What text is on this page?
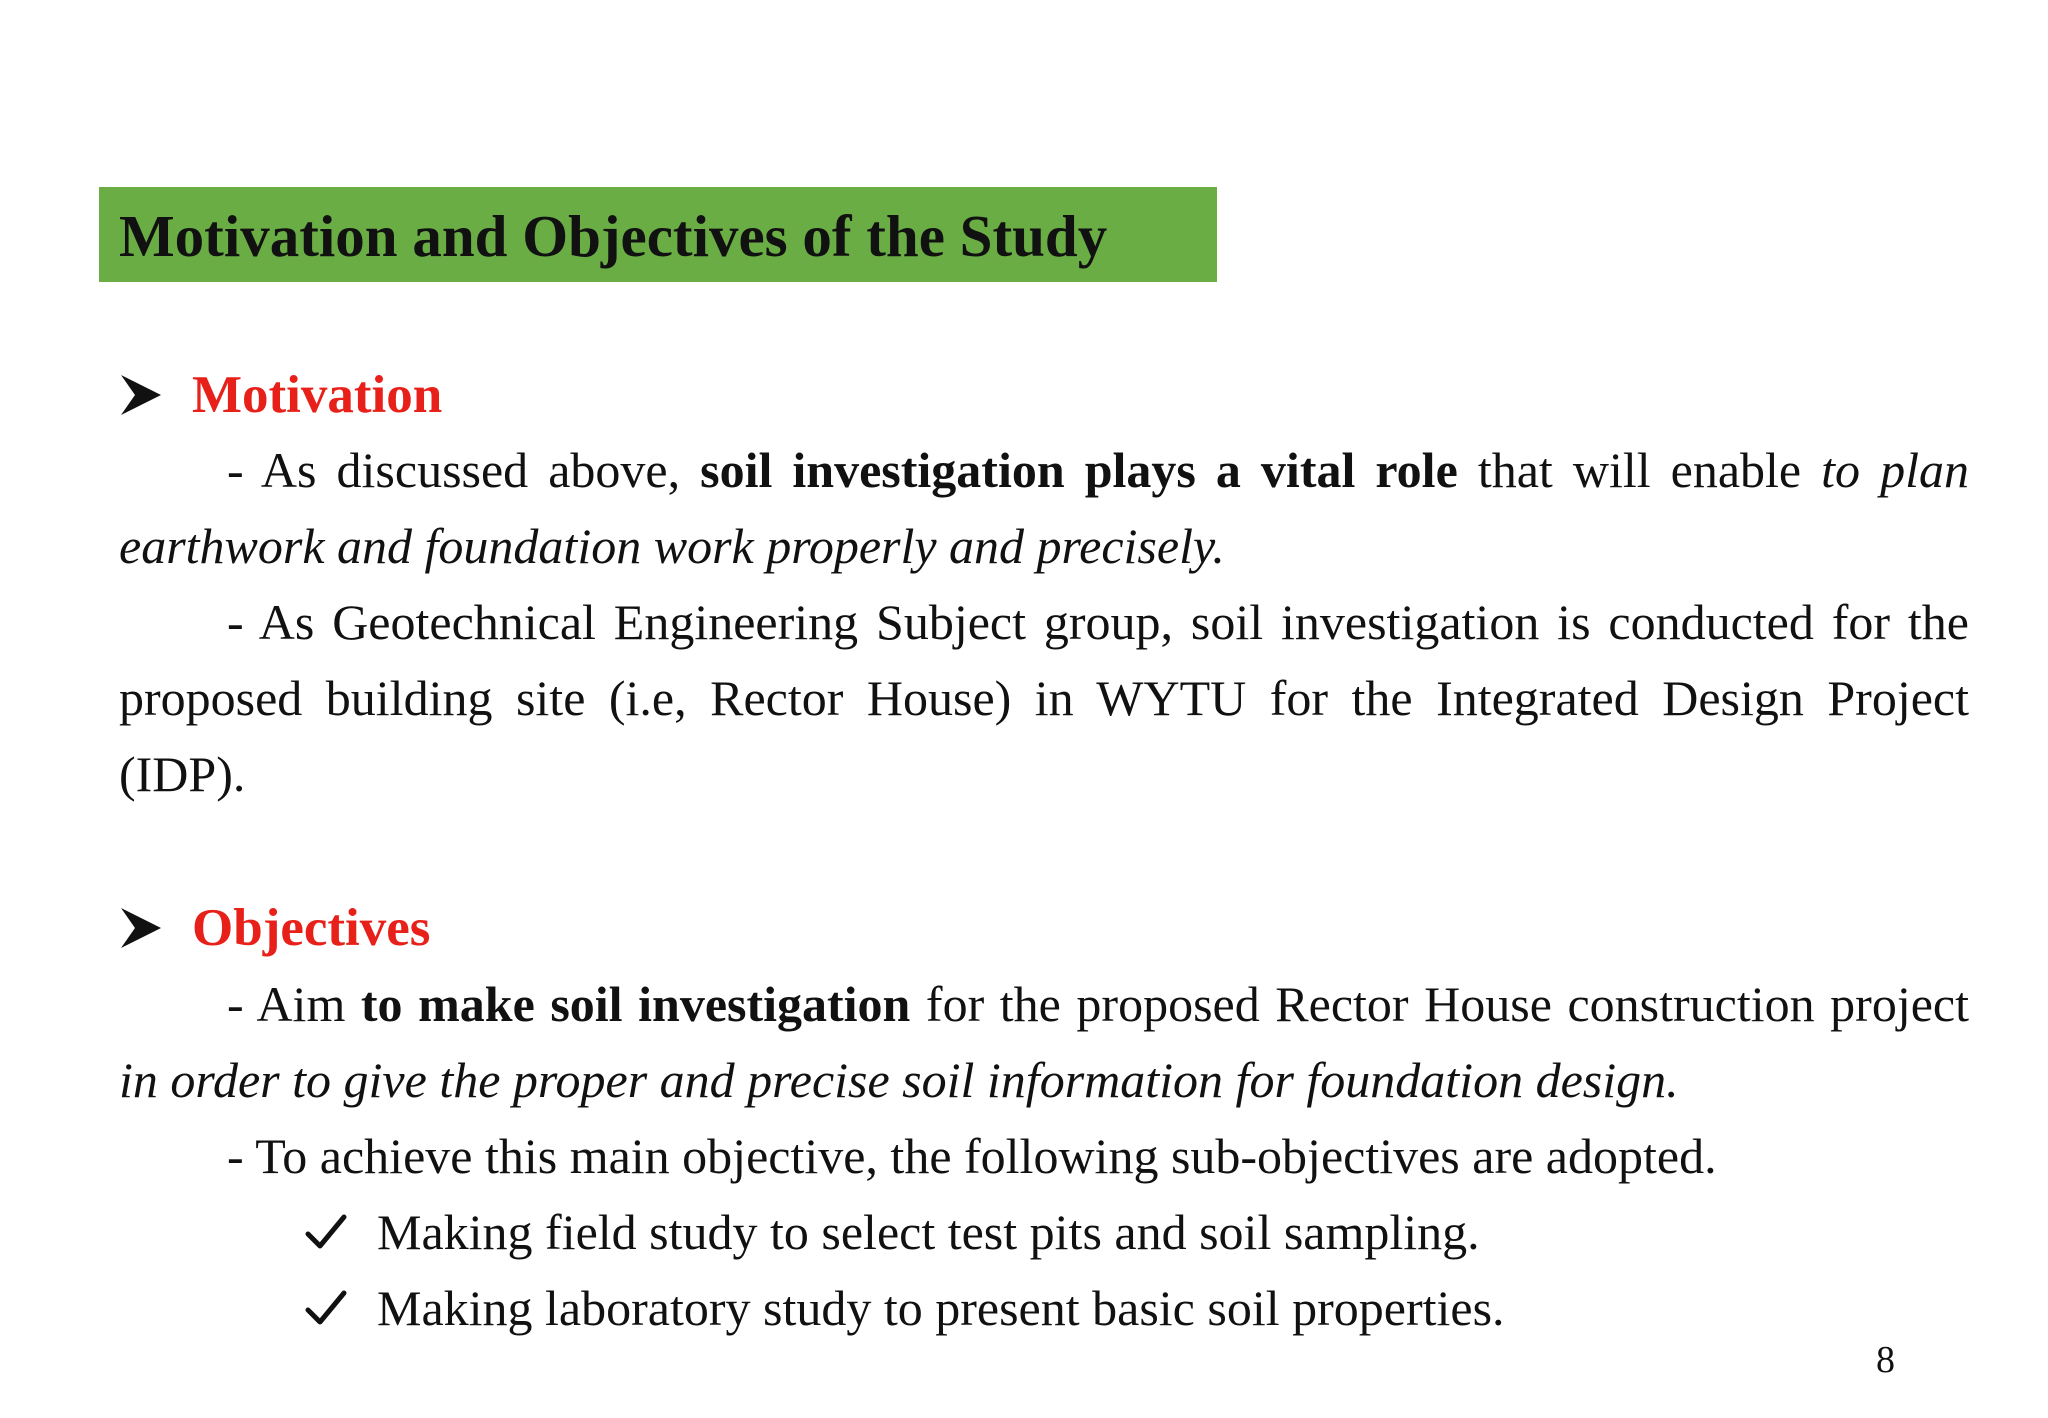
Motivation and Objectives of the Study
Motivation

- As discussed above, soil investigation plays a vital role that will enable to plan earthwork and foundation work properly and precisely.

- As Geotechnical Engineering Subject group, soil investigation is conducted for the proposed building site (i.e, Rector House) in WYTU for the Integrated Design Project (IDP).

Objectives

- Aim to make soil investigation for the proposed Rector House construction project in order to give the proper and precise soil information for foundation design.

- To achieve this main objective, the following sub-objectives are adopted.

Making field study to select test pits and soil sampling.
Making laboratory study to present basic soil properties.
8
